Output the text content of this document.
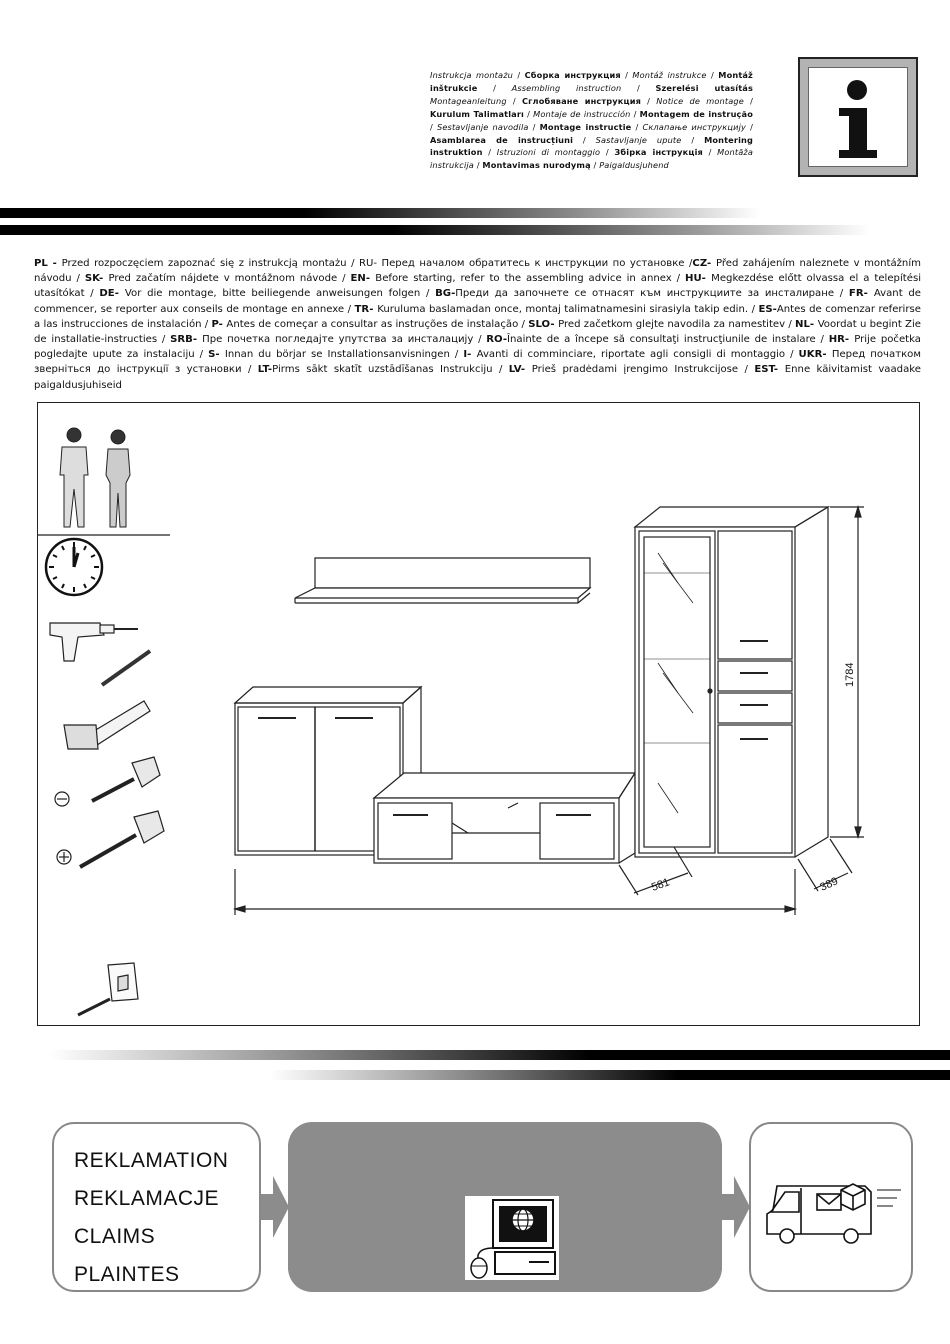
Instrukcja montażu / Сборка инструкция / Montáž instrukce / Montáž inštrukcie / Assembling instruction / Szerelési utasítás Montageanleitung / Сглобяване инструкция / Notice de montage / Kurulum Talimatları / Montaje de instrucción / Montagem de instrução / Sestavljanje navodila / Montage instructie / Склапање инструкцију / Asamblarea de instrucțiuni / Sastavljanje upute / Montering instruktion / Istruzioni di montaggio / Збірка інструкція / Montāža instrukcija / Montavimas nurodymą / Paigaldusjuhend
PL - Przed rozpoczęciem zapoznać się z instrukcją montażu / RU- Перед началом обратитесь к инструкции по установке /CZ- Před zahájením naleznete v montážním návodu / SK- Pred začatím nájdete v montážnom návode / EN- Before starting, refer to the assembling advice in annex / HU- Megkezdése előtt olvassa el a telepítési utasítókat / DE- Vor die montage, bitte beiliegende anweisungen folgen / BG-Преди да започнете се отнасят към инструкциите за инсталиране / FR- Avant de commencer, se reporter aux conseils de montage en annexe / TR- Kuruluma baslamadan once, montaj talimatnamesini sirasiyla takip edin. / ES-Antes de comenzar referirse a las instrucciones de instalación / P- Antes de começar a consultar as instruções de instalação / SLO- Pred začetkom glejte navodila za namestitev / NL- Voordat u begint Zie de installatie-instructies / SRB- Пре почетка погледајте упутства за инсталацију / RO-Înainte de a începe să consultaţi instrucţiunile de instalare / HR- Prije početka pogledajte upute za instalaciju / S- Innan du börjar se Installationsanvisningen / I- Avanti di comminciare, riportate agli consigli di montaggio / UKR- Перед початком зверніться до інструкції з установки / LT-Pirms sākt skatīt uzstādīšanas Instrukciju / LV- Prieš pradėdami įrengimo Instrukcijose / EST- Enne käivitamist vaadake paigaldusjuhiseid
1784
581	389
REKLAMATION
REKLAMACJE
CLAIMS
PLAINTES
